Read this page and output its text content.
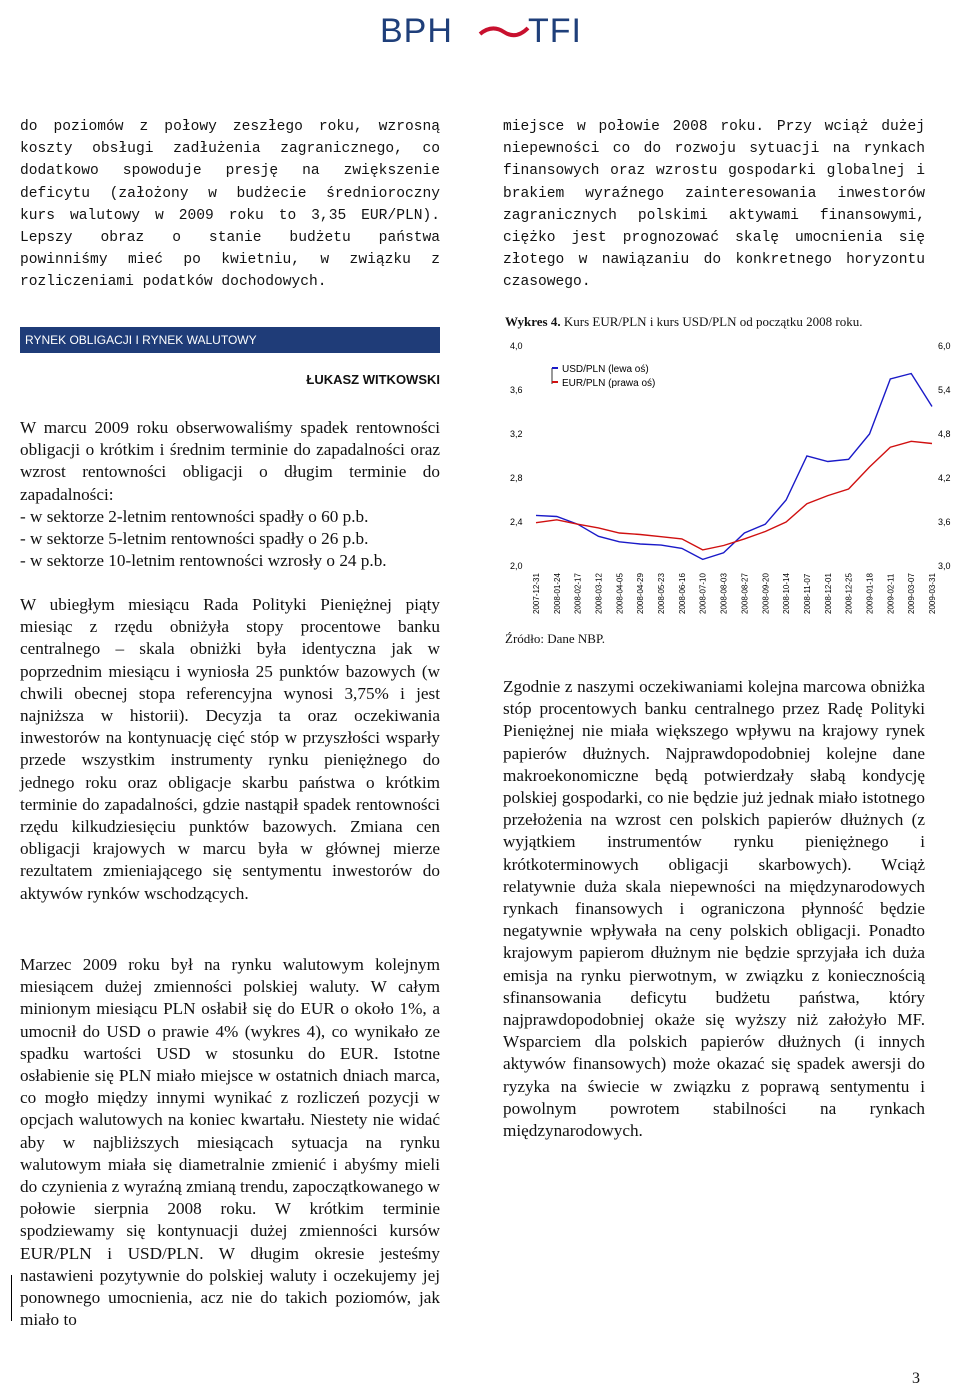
BPH TFI

do poziomów z połowy zeszłego roku, wzrosną koszty obsługi zadłużenia zagranicznego, co dodatkowo spowoduje presję na zwiększenie deficytu (założony w budżecie średnioroczny kurs walutowy w 2009 roku to 3,35 EUR/PLN). Lepszy obraz o stanie budżetu państwa powinniśmy mieć po kwietniu, w związku z rozliczeniami podatków dochodowych.

miejsce w połowie 2008 roku. Przy wciąż dużej niepewności co do rozwoju sytuacji na rynkach finansowych oraz wzrostu gospodarki globalnej i brakiem wyraźnego zainteresowania inwestorów zagranicznych polskimi aktywami finansowymi, ciężko jest prognozować skalę umocnienia się złotego w nawiązaniu do konkretnego horyzontu czasowego.

RYNEK OBLIGACJI I RYNEK WALUTOWY
ŁUKASZ WITKOWSKI

W marcu 2009 roku obserwowaliśmy spadek rentowności obligacji o krótkim i średnim terminie do zapadalności oraz wzrost rentowności obligacji o długim terminie do zapadalności:

- w sektorze 2-letnim rentowności spadły o 60 p.b.

- w sektorze 5-letnim rentowności spadły o 26 p.b.

- w sektorze 10-letnim rentowności wzrosły o 24 p.b.

W ubiegłym miesiącu Rada Polityki Pieniężnej piąty miesiąc z rzędu obniżyła stopy procentowe banku centralnego – skala obniżki była identyczna jak w poprzednim miesiącu i wyniosła 25 punktów bazowych (w chwili obecnej stopa referencyjna wynosi 3,75% i jest najniższa w historii). Decyzja ta oraz oczekiwania inwestorów na kontynuację cięć stóp w przyszłości wsparły przede wszystkim instrumenty rynku pieniężnego do jednego roku oraz obligacje skarbu państwa o krótkim terminie do zapadalności, gdzie nastąpił spadek rentowności rzędu kilkudziesięciu punktów bazowych. Zmiana cen obligacji krajowych w marcu była w głównej mierze rezultatem zmieniającego się sentymentu inwestorów do aktywów rynków wschodzących.

Marzec 2009 roku był na rynku walutowym kolejnym miesiącem dużej zmienności polskiej waluty. W całym minionym miesiącu PLN osłabił się do EUR o około 1%, a umocnił do USD o prawie 4% (wykres 4), co wynikało ze spadku wartości USD w stosunku do EUR. Istotne osłabienie się PLN miało miejsce w ostatnich dniach marca, co mogło między innymi wynikać z rozliczeń pozycji w opcjach walutowych na koniec kwartału. Niestety nie widać aby w najbliższych miesiącach sytuacja na rynku walutowym miała się diametralnie zmienić i abyśmy mieli do czynienia z wyraźną zmianą trendu, zapoczątkowanego w połowie sierpnia 2008 roku. W krótkim terminie spodziewamy się kontynuacji dużej zmienności kursów EUR/PLN i USD/PLN. W długim okresie jesteśmy nastawieni pozytywnie do polskiej waluty i oczekujemy jej ponownego umocnienia, acz nie do takich poziomów, jak miało to

Wykres 4. Kurs EUR/PLN i kurs USD/PLN od początku 2008 roku.
2,0
2,4
2,8
3,2
3,6
4,0
3,0
3,6
4,2
4,8
5,4
6,0
2007-12-31 2008-01-24 2008-02-17 2008-03-12 2008-04-05 2008-04-29 2008-05-23 2008-06-16 2008-07-10 2008-08-03 2008-08-27 2008-09-20 2008-10-14 2008-11-07 2008-12-01 2008-12-25 2009-01-18 2009-02-11 2009-03-07 2009-03-31
USD/PLN (lewa oś)
EUR/PLN (prawa oś)
Źródło: Dane NBP.

Zgodnie z naszymi oczekiwaniami kolejna marcowa obniżka stóp procentowych banku centralnego przez Radę Polityki Pieniężnej nie miała większego wpływu na krajowy rynek papierów dłużnych. Najprawdopodobniej kolejne dane makroekonomiczne będą potwierdzały słabą kondycję polskiej gospodarki, co nie będzie już jednak miało istotnego przełożenia na wzrost cen polskich papierów dłużnych (z wyjątkiem instrumentów rynku pieniężnego i krótkoterminowych obligacji skarbowych). Wciąż relatywnie duża skala niepewności na międzynarodowych rynkach finansowych i ograniczona płynność będzie negatywnie wpływała na ceny polskich obligacji. Ponadto krajowym papierom dłużnym nie będzie sprzyjała ich duża emisja na rynku pierwotnym, w związku z koniecznością sfinansowania deficytu budżetu państwa, który najprawdopodobniej okaże się wyższy niż założyło MF. Wsparciem dla polskich papierów dłużnych (i innych aktywów finansowych) może okazać się spadek awersji do ryzyka na świecie w związku z poprawą sentymentu i powolnym powrotem stabilności na rynkach międzynarodowych.

3
